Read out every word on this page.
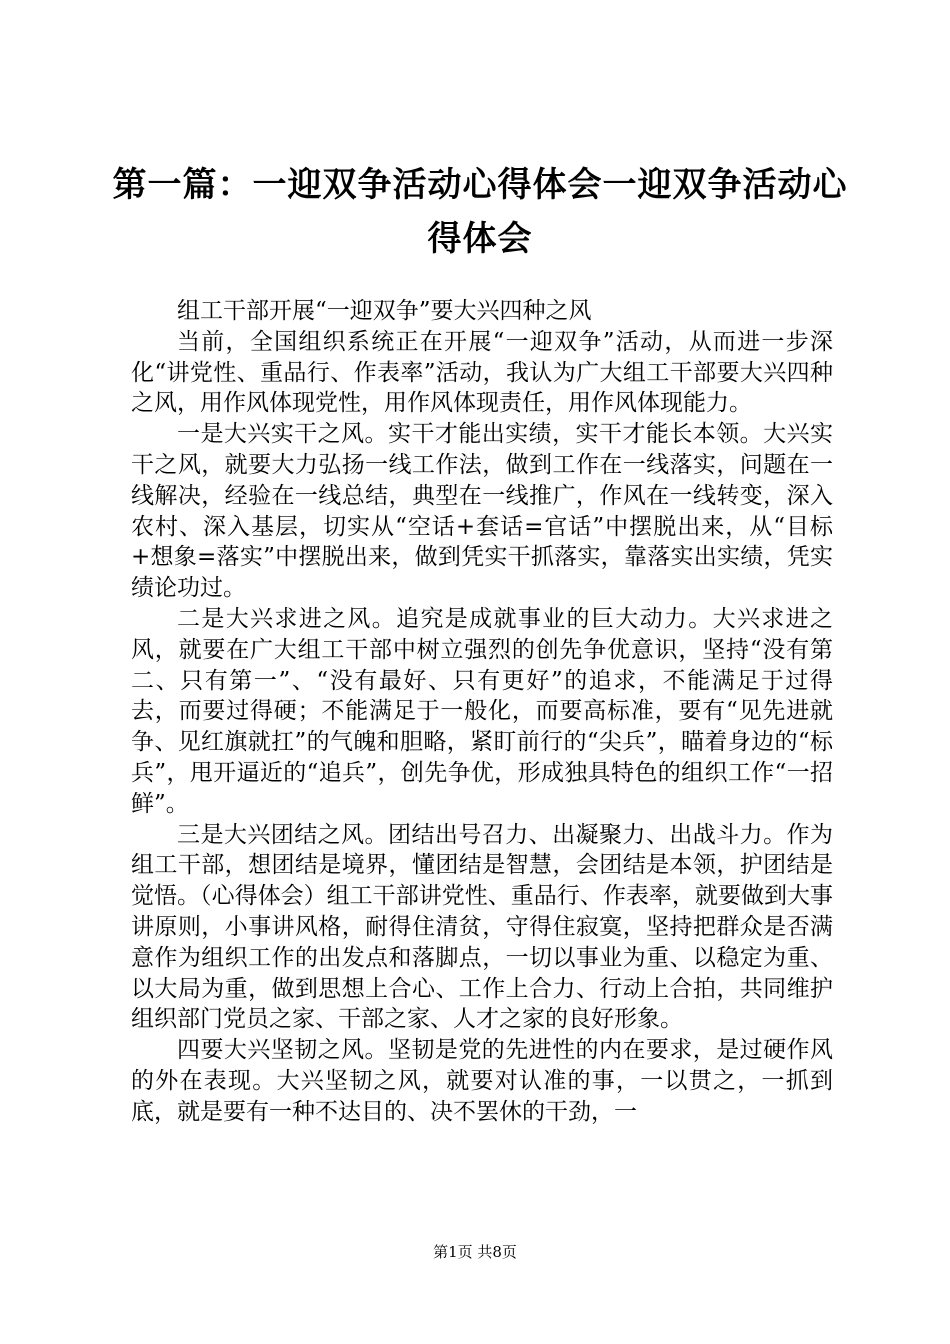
第一篇：一迎双争活动心得体会一迎双争活动心得体会

组工干部开展“一迎双争”要大兴四种之风

当前，全国组织系统正在开展“一迎双争”活动，从而进一步深化“讲党性、重品行、作表率”活动，我认为广大组工干部要大兴四种之风，用作风体现党性，用作风体现责任，用作风体现能力。

一是大兴实干之风。实干才能出实绩，实干才能长本领。大兴实干之风，就要大力弘扬一线工作法，做到工作在一线落实，问题在一线解决，经验在一线总结，典型在一线推广，作风在一线转变，深入农村、深入基层，切实从“空话+套话=官话”中摆脱出来，从“目标+想象=落实”中摆脱出来，做到凭实干抓落实，靠落实出实绩，凭实绩论功过。

二是大兴求进之风。追究是成就事业的巨大动力。大兴求进之风，就要在广大组工干部中树立强烈的创先争优意识，坚持“没有第二、只有第一”、“没有最好、只有更好”的追求，不能满足于过得去，而要过得硬；不能满足于一般化，而要高标准，要有“见先进就争、见红旗就扛”的气魄和胆略，紧盯前行的“尖兵”，瞄着身边的“标兵”，甩开逼近的“追兵”，创先争优，形成独具特色的组织工作“一招鲜”。

三是大兴团结之风。团结出号召力、出凝聚力、出战斗力。作为组工干部，想团结是境界，懂团结是智慧，会团结是本领，护团结是觉悟。（心得体会）组工干部讲党性、重品行、作表率，就要做到大事讲原则，小事讲风格，耐得住清贫，守得住寂寞，坚持把群众是否满意作为组织工作的出发点和落脚点，一切以事业为重、以稳定为重、以大局为重，做到思想上合心、工作上合力、行动上合拍，共同维护组织部门党员之家、干部之家、人才之家的良好形象。

四要大兴坚韧之风。坚韧是党的先进性的内在要求，是过硬作风的外在表现。大兴坚韧之风，就要对认准的事，一以贯之，一抓到底，就是要有一种不达目的、决不罢休的干劲，一

第1页 共8页
